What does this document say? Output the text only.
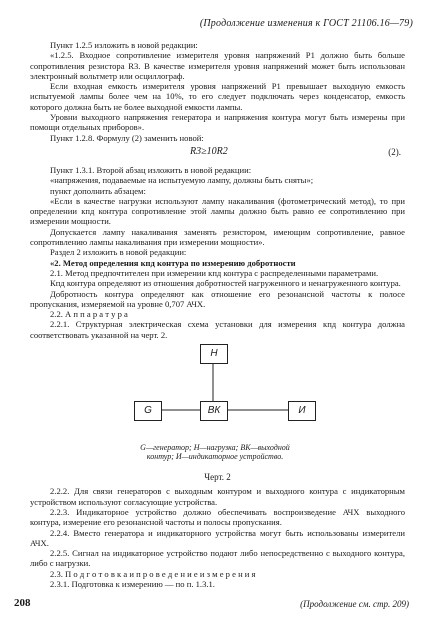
(Продолжение изменения к ГОСТ 21106.16—79)

Пункт 1.2.5 изложить в новой редакции:

«1.2.5. Входное сопротивление измерителя уровня напряжений P1 должно быть больше сопротивления резистора R3. В качестве измерителя уровня напряжений может быть использован электронный вольтметр или осциллограф.

Если входная емкость измерителя уровня напряжений P1 превышает выходную емкость испытуемой лампы более чем на 10%, то его следует подключать через конденсатор, емкость которого должна быть не более выходной емкости лампы.

Уровни выходного напряжения генератора и напряжения контура могут быть измерены при помощи отдельных приборов».

Пункт 1.2.8. Формулу (2) заменить новой:

R3≥10R2	(2).

Пункт 1.3.1. Второй абзац изложить в новой редакции:

«напряжения, подаваемые на испытуемую лампу, должны быть сняты»;

пункт дополнить абзацем:

«Если в качестве нагрузки используют лампу накаливания (фотометрический метод), то при определении кпд контура сопротивление этой лампы должно быть равно ее сопротивлению при измерении мощности.

Допускается лампу накаливания заменять резистором, имеющим сопротивление, равное сопротивлению лампы накаливания при измерении мощности».

Раздел 2 изложить в новой редакции:

«2. Метод определения кпд контура по измерению добротности

2.1. Метод предпочтителен при измерении кпд контура с распределенными параметрами.

Кпд контура определяют из отношения добротностей нагруженного и ненагруженного контура.

Добротность контура определяют как отношение его резонансной частоты к полосе пропускания, измеряемой на уровне 0,707 АЧХ.

2.2. А п п а р а т у р а

2.2.1. Структурная электрическая схема установки для измерения кпд контура должна соответствовать указанной на черт. 2.

Н
G	ВК	И
G—генератор; Н—нагрузка; ВК—выходной контур; И—индикаторное устройство.
Черт. 2

2.2.2. Для связи генераторов с выходным контуром и выходного контура с индикаторным устройством используют согласующие устройства.

2.2.3. Индикаторное устройство должно обеспечивать воспроизведение АЧХ выходного контура, измерение его резонансной частоты и полосы пропускания.

2.2.4. Вместо генератора и индикаторного устройства могут быть использованы измерители АЧХ.

2.2.5. Сигнал на индикаторное устройство подают либо непосредственно с выходного контура, либо с нагрузки.

2.3. П о д г о т о в к а и п р о в е д е н и е и з м е р е н и я

2.3.1. Подготовка к измерению — по п. 1.3.1.

208	(Продолжение см. стр. 209)
